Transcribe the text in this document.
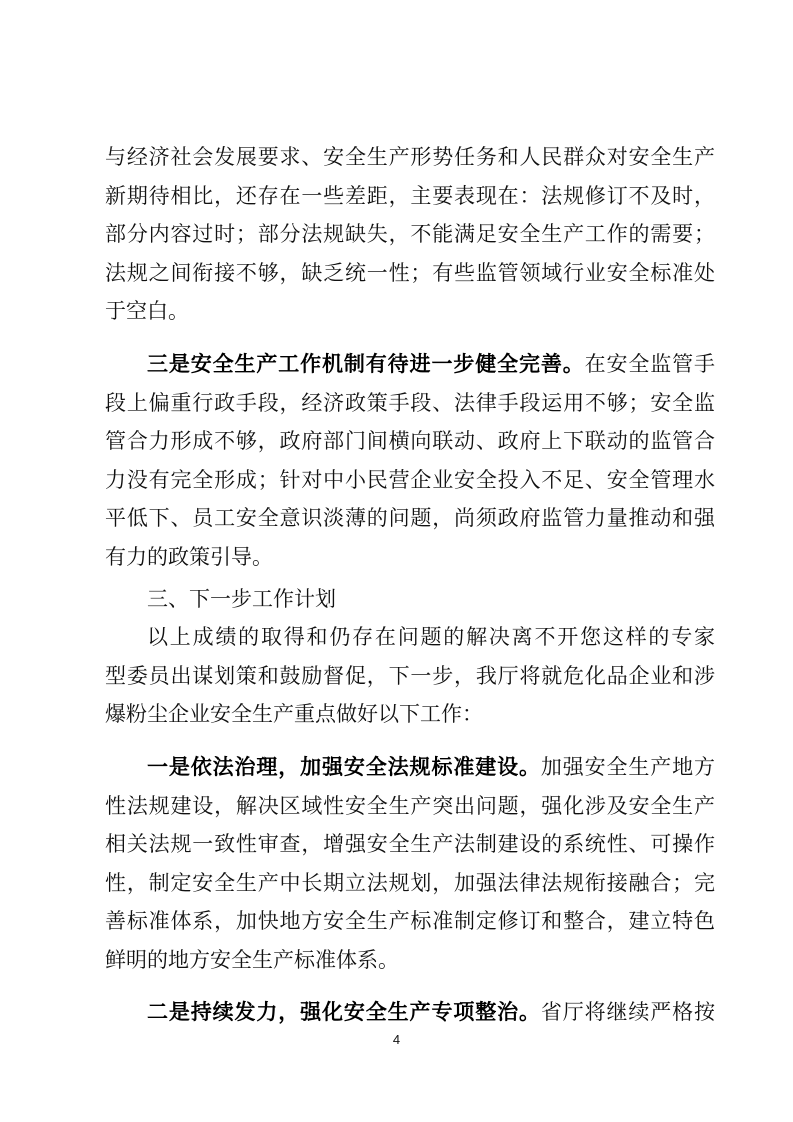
与经济社会发展要求、安全生产形势任务和人民群众对安全生产
新期待相比，还存在一些差距，主要表现在：法规修订不及时，
部分内容过时；部分法规缺失，不能满足安全生产工作的需要；
法规之间衔接不够，缺乏统一性；有些监管领域行业安全标准处
于空白。
三是安全生产工作机制有待进一步健全完善。在安全监管手
段上偏重行政手段，经济政策手段、法律手段运用不够；安全监
管合力形成不够，政府部门间横向联动、政府上下联动的监管合
力没有完全形成；针对中小民营企业安全投入不足、安全管理水
平低下、员工安全意识淡薄的问题，尚须政府监管力量推动和强
有力的政策引导。
三、下一步工作计划
以上成绩的取得和仍存在问题的解决离不开您这样的专家
型委员出谋划策和鼓励督促，下一步，我厅将就危化品企业和涉
爆粉尘企业安全生产重点做好以下工作：
一是依法治理，加强安全法规标准建设。加强安全生产地方
性法规建设，解决区域性安全生产突出问题，强化涉及安全生产
相关法规一致性审查，增强安全生产法制建设的系统性、可操作
性，制定安全生产中长期立法规划，加强法律法规衔接融合；完
善标准体系，加快地方安全生产标准制定修订和整合，建立特色
鲜明的地方安全生产标准体系。
二是持续发力，强化安全生产专项整治。省厅将继续严格按
4
